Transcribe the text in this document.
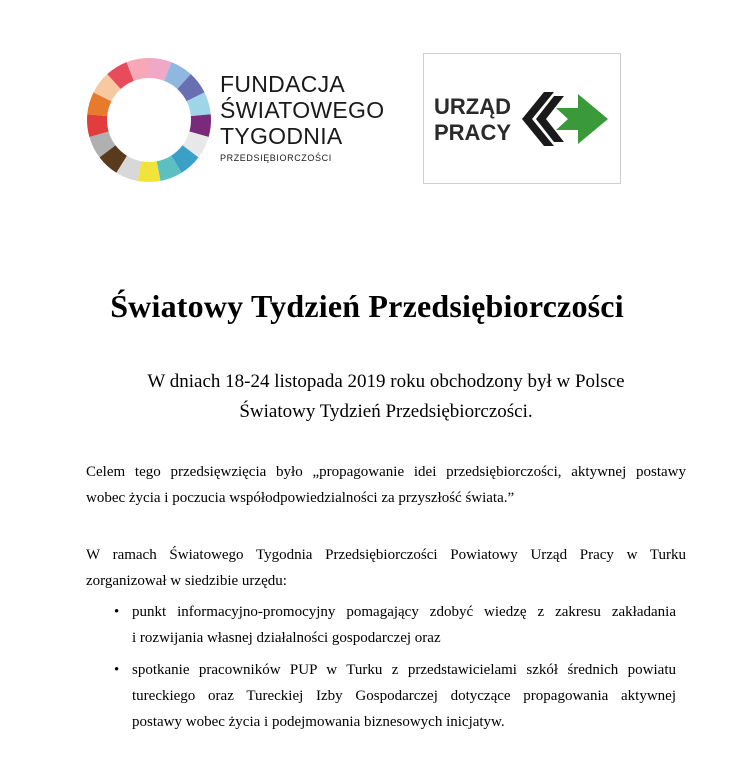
FUNDACJA
ŚWIATOWEGO
TYGODNIA
PRZEDSIĘBIORCZOŚCI
URZĄD
PRACY
Światowy Tydzień Przedsiębiorczości
W dniach 18-24 listopada 2019 roku obchodzony był w Polsce
Światowy Tydzień Przedsiębiorczości.
Celem tego przedsięwzięcia było „propagowanie idei przedsiębiorczości, aktywnej postawy
wobec życia i poczucia współodpowiedzialności za przyszłość świata.”
W ramach Światowego Tygodnia Przedsiębiorczości Powiatowy Urząd Pracy w Turku
zorganizował w siedzibie urzędu:
• punkt informacyjno-promocyjny pomagający zdobyć wiedzę z zakresu zakładania
i rozwijania własnej działalności gospodarczej oraz
• spotkanie pracowników PUP w Turku z przedstawicielami szkół średnich powiatu
tureckiego oraz Tureckiej Izby Gospodarczej dotyczące propagowania aktywnej
postawy wobec życia i podejmowania biznesowych inicjatyw.
